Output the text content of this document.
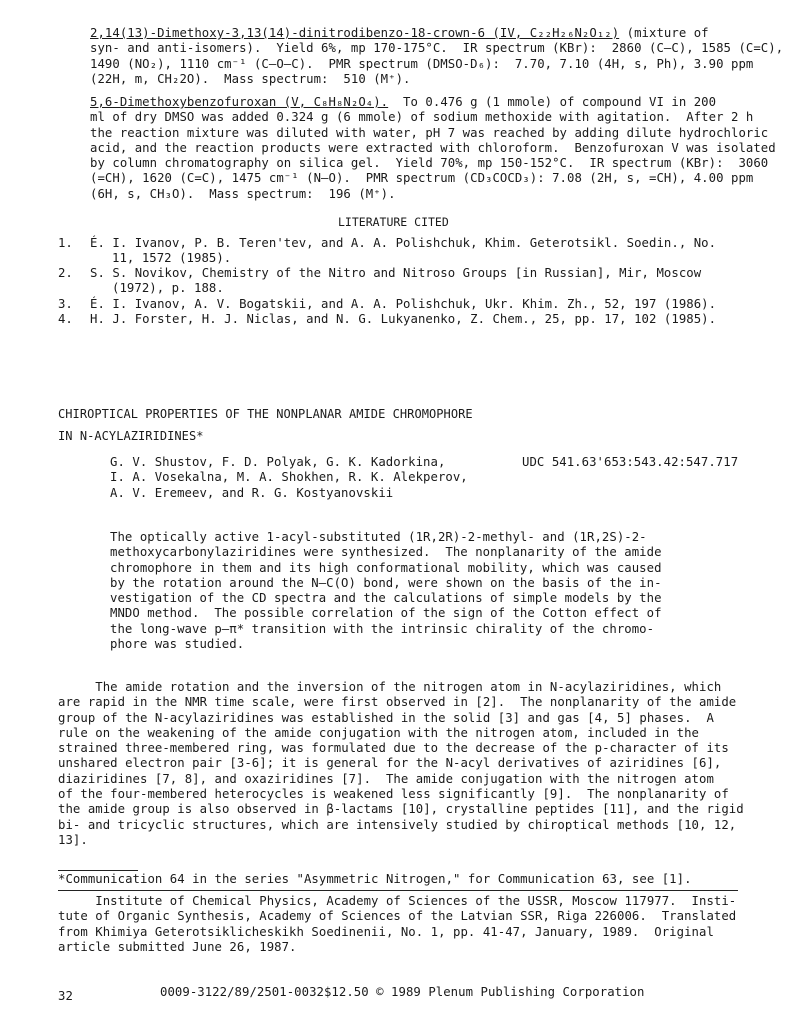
2,14(13)-Dimethoxy-3,13(14)-dinitrodibenzo-18-crown-6 (IV, C₂₂H₂₆N₂O₁₂) (mixture of
syn- and anti-isomers).  Yield 6%, mp 170-175°C.  IR spectrum (KBr):  2860 (C–C), 1585 (C=C),
1490 (NO₂), 1110 cm⁻¹ (C–O–C).  PMR spectrum (DMSO-D₆):  7.70, 7.10 (4H, s, Ph), 3.90 ppm
(22H, m, CH₂2O).  Mass spectrum:  510 (M⁺).
5,6-Dimethoxybenzofuroxan (V, C₈H₈N₂O₄).  To 0.476 g (1 mmole) of compound VI in 200
ml of dry DMSO was added 0.324 g (6 mmole) of sodium methoxide with agitation.  After 2 h
the reaction mixture was diluted with water, pH 7 was reached by adding dilute hydrochloric
acid, and the reaction products were extracted with chloroform.  Benzofuroxan V was isolated
by column chromatography on silica gel.  Yield 70%, mp 150-152°C.  IR spectrum (KBr):  3060
(=CH), 1620 (C=C), 1475 cm⁻¹ (N–O).  PMR spectrum (CD₃COCD₃): 7.08 (2H, s, =CH), 4.00 ppm
(6H, s, CH₃O).  Mass spectrum:  196 (M⁺).
LITERATURE CITED
1. É. I. Ivanov, P. B. Teren'tev, and A. A. Polishchuk, Khim. Geterotsikl. Soedin., No.
11, 1572 (1985).
2. S. S. Novikov, Chemistry of the Nitro and Nitroso Groups [in Russian], Mir, Moscow
(1972), p. 188.
3. É. I. Ivanov, A. V. Bogatskii, and A. A. Polishchuk, Ukr. Khim. Zh., 52, 197 (1986).
4. H. J. Forster, H. J. Niclas, and N. G. Lukyanenko, Z. Chem., 25, pp. 17, 102 (1985).
CHIROPTICAL PROPERTIES OF THE NONPLANAR AMIDE CHROMOPHORE
IN N-ACYLAZIRIDINES*
G. V. Shustov, F. D. Polyak, G. K. Kadorkina,
I. A. Vosekalna, M. A. Shokhen, R. K. Alekperov,
A. V. Eremeev, and R. G. Kostyanovskii
UDC 541.63'653:543.42:547.717
The optically active 1-acyl-substituted (1R,2R)-2-methyl- and (1R,2S)-2-
methoxycarbonylaziridines were synthesized.  The nonplanarity of the amide
chromophore in them and its high conformational mobility, which was caused
by the rotation around the N–C(O) bond, were shown on the basis of the in-
vestigation of the CD spectra and the calculations of simple models by the
MNDO method.  The possible correlation of the sign of the Cotton effect of
the long-wave p–π* transition with the intrinsic chirality of the chromo-
phore was studied.
The amide rotation and the inversion of the nitrogen atom in N-acylaziridines, which
are rapid in the NMR time scale, were first observed in [2].  The nonplanarity of the amide
group of the N-acylaziridines was established in the solid [3] and gas [4, 5] phases.  A
rule on the weakening of the amide conjugation with the nitrogen atom, included in the
strained three-membered ring, was formulated due to the decrease of the p-character of its
unshared electron pair [3-6]; it is general for the N-acyl derivatives of aziridines [6],
diaziridines [7, 8], and oxaziridines [7].  The amide conjugation with the nitrogen atom
of the four-membered heterocycles is weakened less significantly [9].  The nonplanarity of
the amide group is also observed in β-lactams [10], crystalline peptides [11], and the rigid
bi- and tricyclic structures, which are intensively studied by chiroptical methods [10, 12,
13].
*Communication 64 in the series "Asymmetric Nitrogen," for Communication 63, see [1].
Institute of Chemical Physics, Academy of Sciences of the USSR, Moscow 117977.  Insti-
tute of Organic Synthesis, Academy of Sciences of the Latvian SSR, Riga 226006.  Translated
from Khimiya Geterotsiklicheskikh Soedinenii, No. 1, pp. 41-47, January, 1989.  Original
article submitted June 26, 1987.
32	0009-3122/89/2501-0032$12.50 © 1989 Plenum Publishing Corporation
